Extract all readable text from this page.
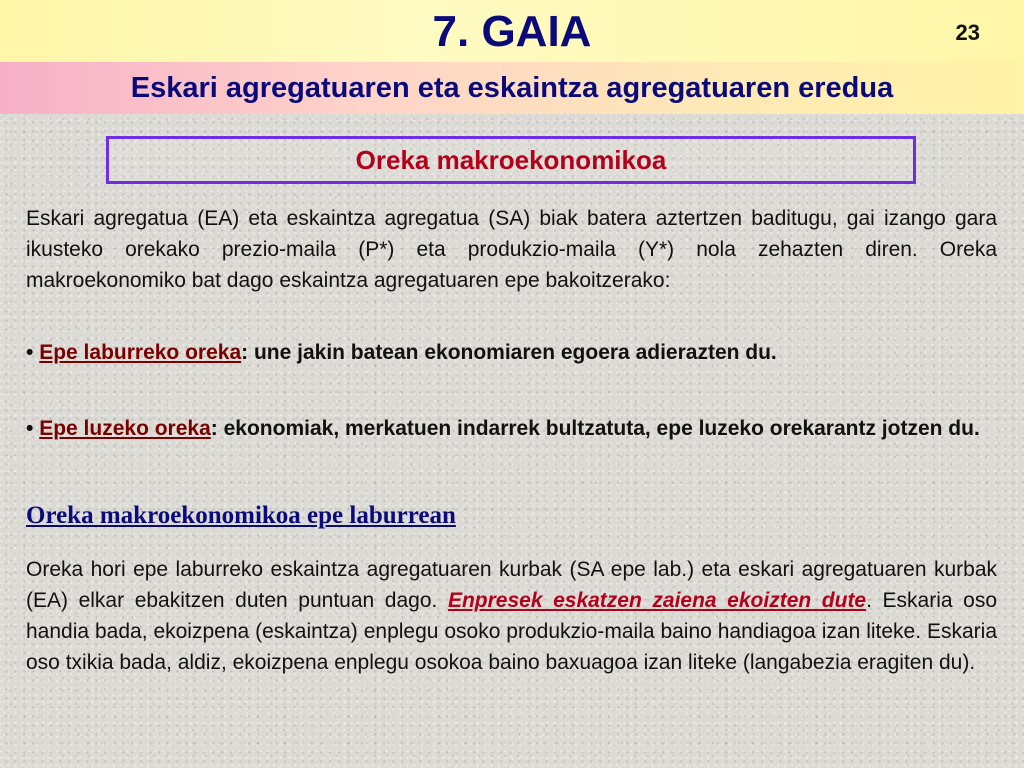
7. GAIA	23
Eskari agregatuaren eta eskaintza agregatuaren eredua
Oreka makroekonomikoa

Eskari agregatua (EA) eta eskaintza agregatua (SA) biak batera aztertzen baditugu, gai izango gara ikusteko orekako prezio-maila (P*) eta produkzio-maila (Y*) nola zehazten diren. Oreka makroekonomiko bat dago eskaintza agregatuaren epe bakoitzerako:

• Epe laburreko oreka: une jakin batean ekonomiaren egoera adierazten du.

• Epe luzeko oreka: ekonomiak, merkatuen indarrek bultzatuta, epe luzeko orekarantz jotzen du.

Oreka makroekonomikoa epe laburrean

Oreka hori epe laburreko eskaintza agregatuaren kurbak (SA epe lab.) eta eskari agregatuaren kurbak (EA) elkar ebakitzen duten puntuan dago. Enpresek eskatzen zaiena ekoizten dute. Eskaria oso handia bada, ekoizpena (eskaintza) enplegu osoko produkzio-maila baino handiagoa izan liteke. Eskaria oso txikia bada, aldiz, ekoizpena enplegu osokoa baino baxuagoa izan liteke (langabezia eragiten du).
